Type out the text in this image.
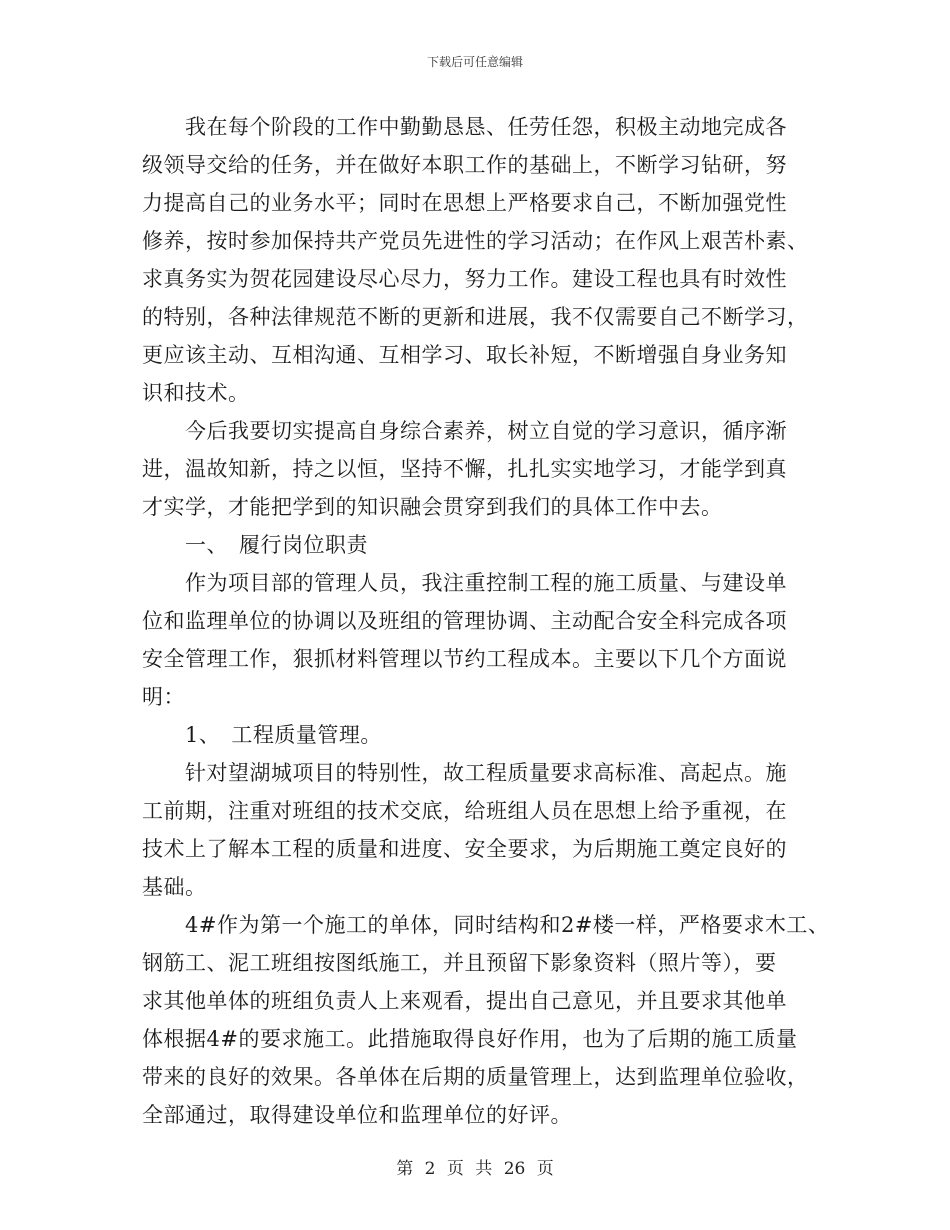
下载后可任意编辑
　　我在每个阶段的工作中勤勤恳恳、任劳任怨，积极主动地完成各
级领导交给的任务，并在做好本职工作的基础上，不断学习钻研，努
力提高自己的业务水平；同时在思想上严格要求自己，不断加强党性
修养，按时参加保持共产党员先进性的学习活动；在作风上艰苦朴素、
求真务实为贺花园建设尽心尽力，努力工作。建设工程也具有时效性
的特别，各种法律规范不断的更新和进展，我不仅需要自己不断学习，
更应该主动、互相沟通、互相学习、取长补短，不断增强自身业务知
识和技术。
　　今后我要切实提高自身综合素养，树立自觉的学习意识，循序渐
进，温故知新，持之以恒，坚持不懈，扎扎实实地学习，才能学到真
才实学，才能把学到的知识融会贯穿到我们的具体工作中去。
　　一、　履行岗位职责
　　作为项目部的管理人员，我注重控制工程的施工质量、与建设单
位和监理单位的协调以及班组的管理协调、主动配合安全科完成各项
安全管理工作，狠抓材料管理以节约工程成本。主要以下几个方面说
明：
　　1、　工程质量管理。
　　针对望湖城项目的特别性，故工程质量要求高标准、高起点。施
工前期，注重对班组的技术交底，给班组人员在思想上给予重视，在
技术上了解本工程的质量和进度、安全要求，为后期施工奠定良好的
基础。
　　4#作为第一个施工的单体，同时结构和2#楼一样，严格要求木工、
钢筋工、泥工班组按图纸施工，并且预留下影象资料（照片等），要
求其他单体的班组负责人上来观看，提出自己意见，并且要求其他单
体根据4#的要求施工。此措施取得良好作用，也为了后期的施工质量
带来的良好的效果。各单体在后期的质量管理上，达到监理单位验收，
全部通过，取得建设单位和监理单位的好评。
第 2 页 共 26 页
